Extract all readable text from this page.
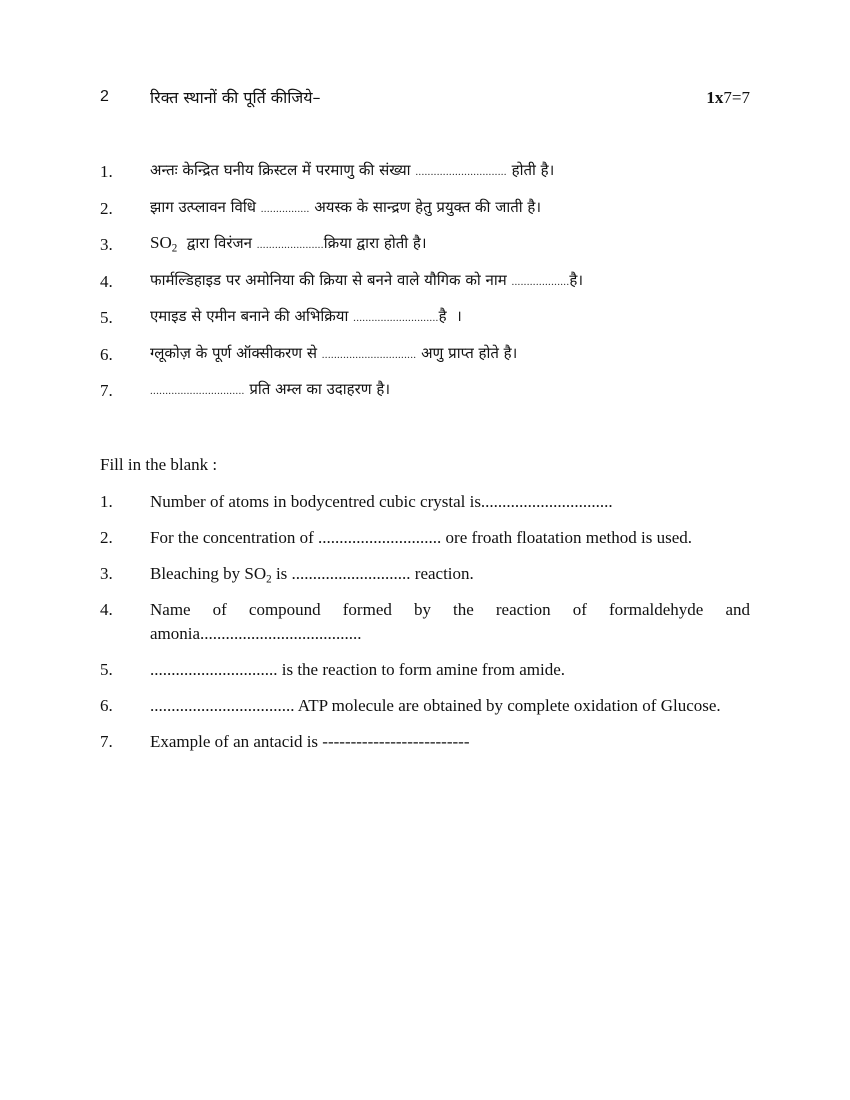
2	रिक्त स्थानों की पूर्ति कीजिये–	1x7=7
1.	अन्तः केन्द्रित घनीय क्रिस्टल में परमाणु की संख्या .............................. होती है।
2.	झाग उत्प्लावन विधि ................ अयस्क के सान्द्रण हेतु प्रयुक्त की जाती है।
3.	$SO_2$  द्वारा विरंजन ......................क्रिया द्वारा होती है।
4.	फार्मल्डिहाइड पर अमोनिया की क्रिया से बनने वाले यौगिक को नाम ...................है।
5.	एमाइड से एमीन बनाने की अभिक्रिया ............................है  ।
6.	ग्लूकोज़ के पूर्ण ऑक्सीकरण से ............................... अणु प्राप्त होते है।
7.	............................... प्रति अम्ल का उदाहरण है।
Fill in the blank :
1.	Number of atoms in bodycentred cubic crystal is...............................
2.	For the concentration of ............................. ore froath floatation method is used.
3.	Bleaching by $SO_2$ is ............................ reaction.
4.	Name of compound formed by the reaction of formaldehyde and amonia......................................
5.	.............................. is the reaction to form amine from amide.
6.	.................................. ATP molecule are obtained by complete oxidation of Glucose.
7.	Example of an antacid is --------------------------
